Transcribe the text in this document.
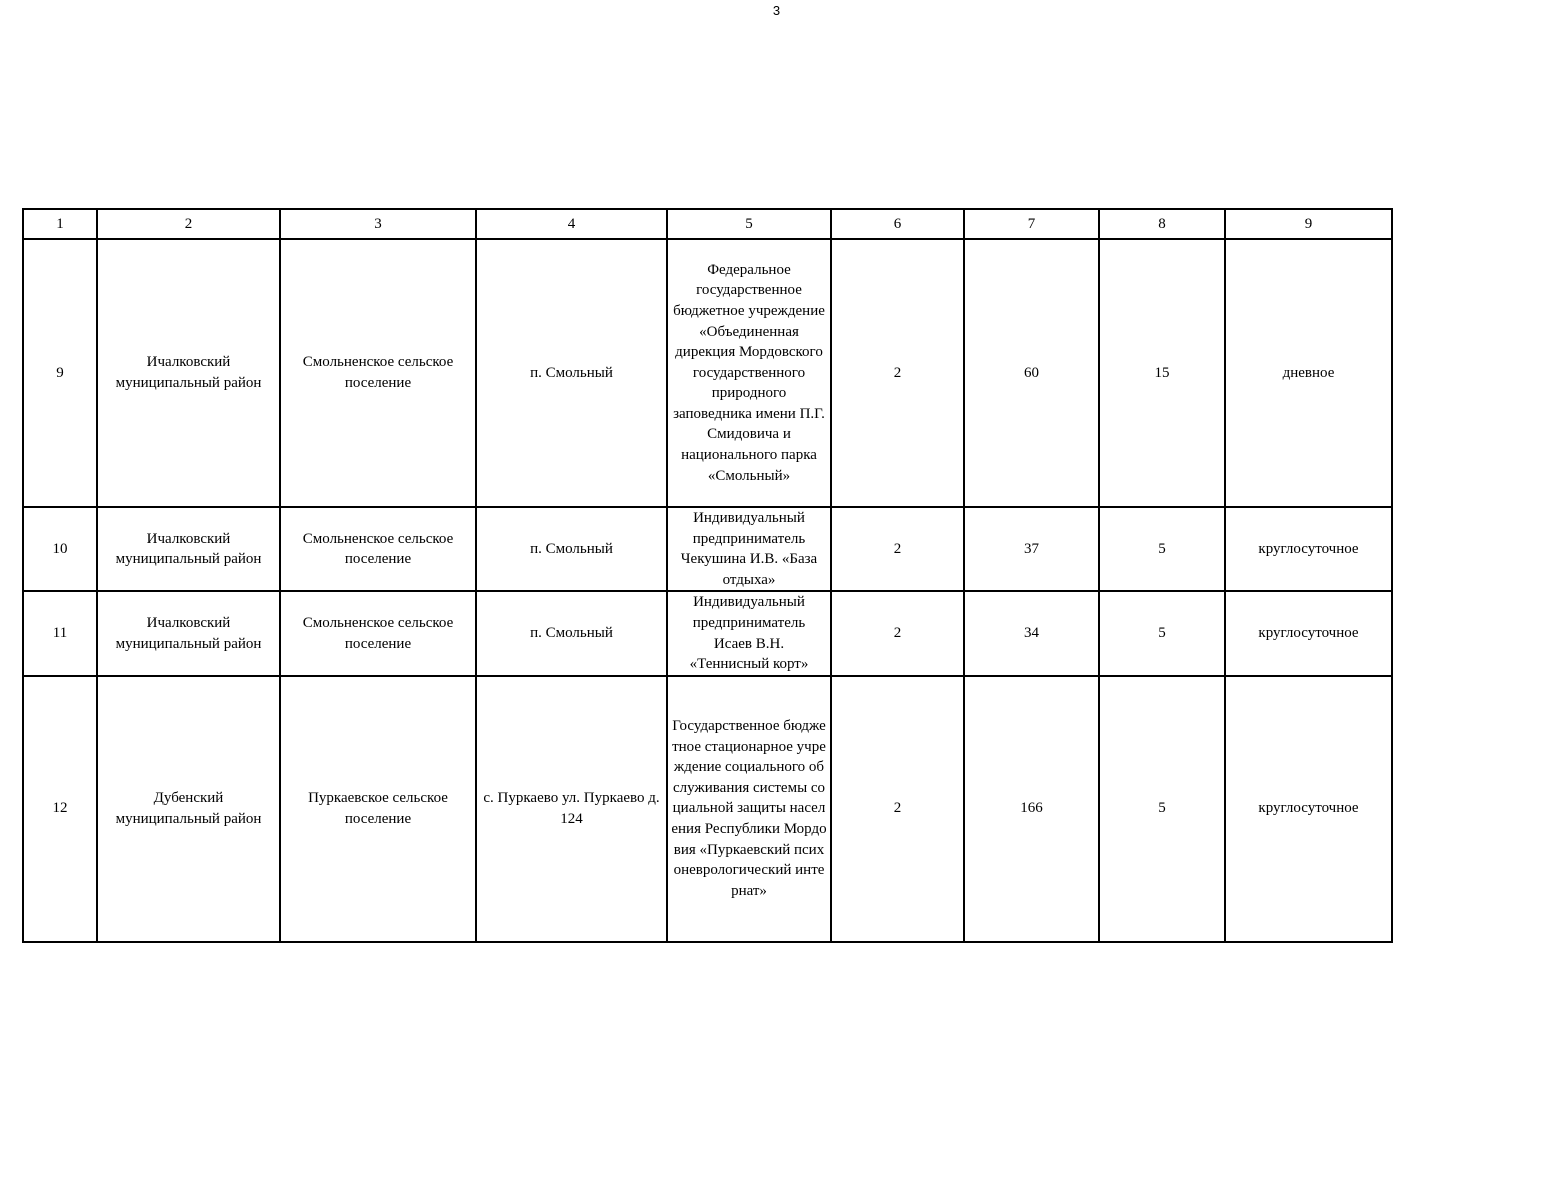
3
1	2	3	4	5	6	7	8	9
9	Ичалковский муниципальный район	Смольненское сельское поселение	п. Смольный	Федеральное государственное бюджетное учреждение «Объединенная дирекция Мордовского государственного природного заповедника имени П.Г. Смидовича и национального парка «Смольный»	2	60	15	дневное
10	Ичалковский муниципальный район	Смольненское сельское поселение	п. Смольный	Индивидуальный предприниматель Чекушина И.В. «База отдыха»	2	37	5	круглосуточное
11	Ичалковский муниципальный район	Смольненское сельское поселение	п. Смольный	Индивидуальный предприниматель Исаев В.Н. «Теннисный корт»	2	34	5	круглосуточное
12	Дубенский муниципальный район	Пуркаевское сельское поселение	с. Пуркаево ул. Пуркаево д. 124	Государственное бюджетное стационарное учреждение социального обслуживания системы социальной защиты населения Республики Мордовия «Пуркаевский психоневрологический интернат»	2	166	5	круглосуточное
